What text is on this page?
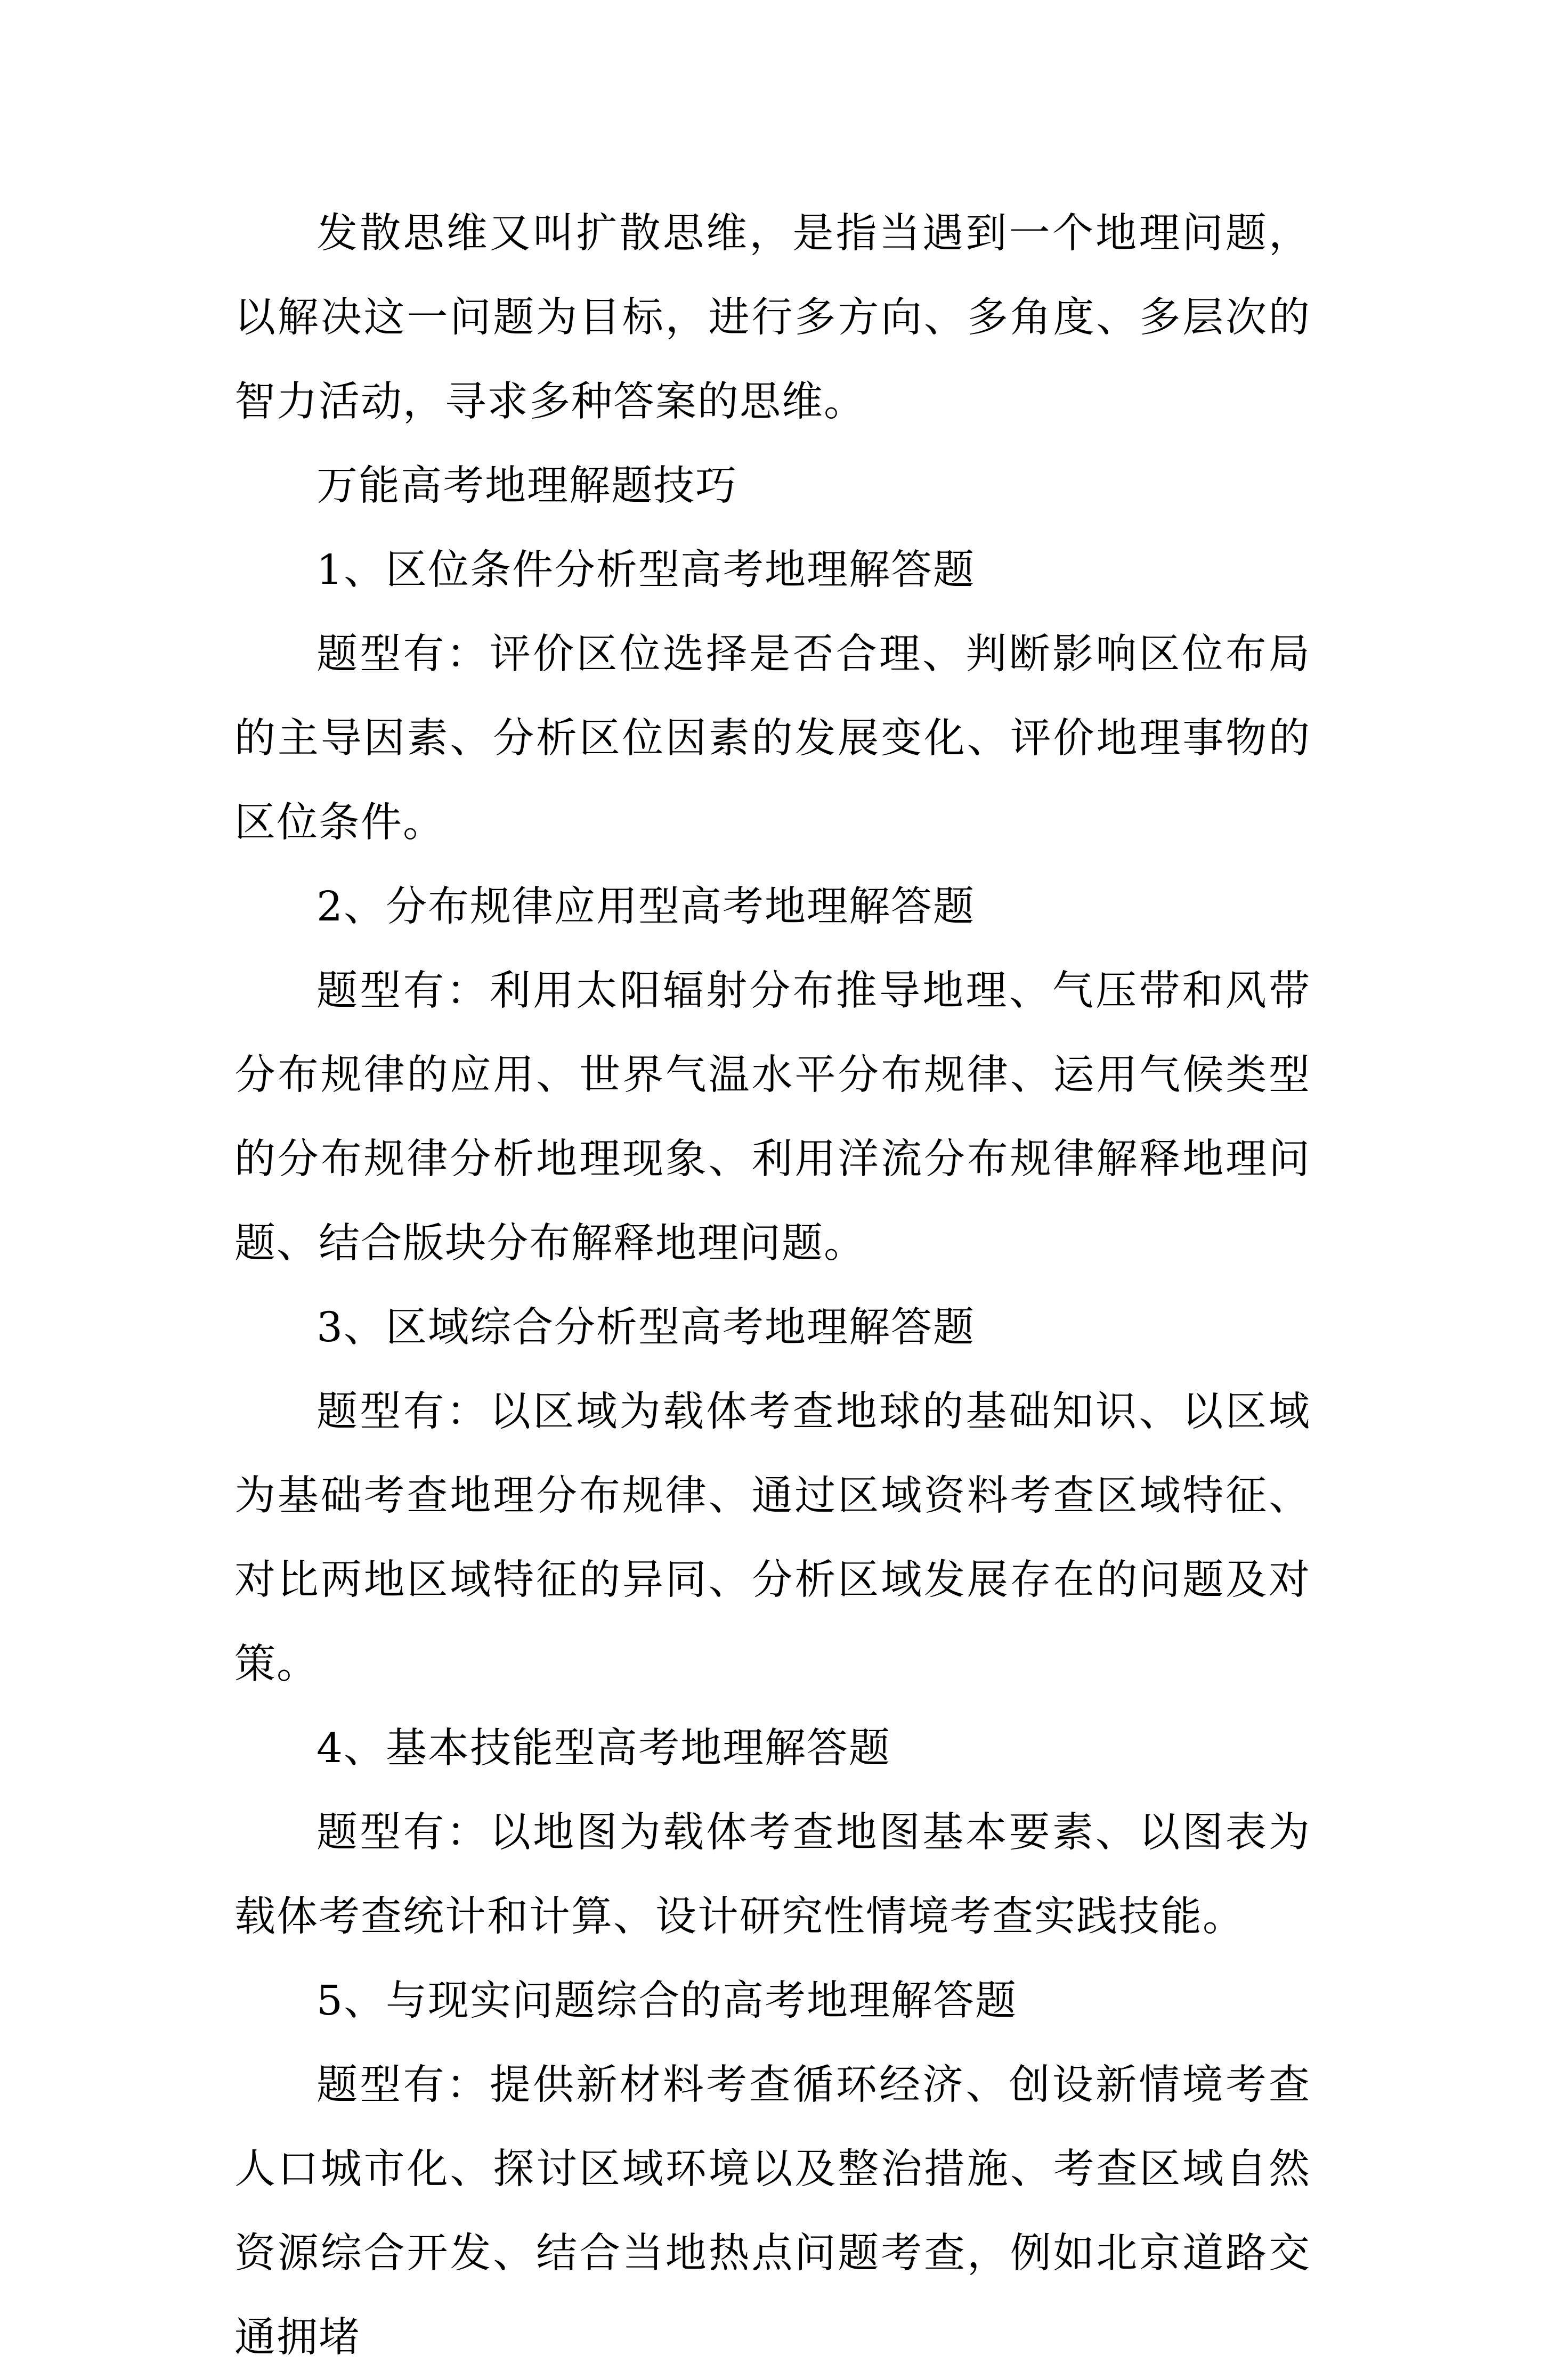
发散思维又叫扩散思维，是指当遇到一个地理问题，以解决这一问题为目标，进行多方向、多角度、多层次的智力活动，寻求多种答案的思维。

万能高考地理解题技巧

1、区位条件分析型高考地理解答题

题型有：评价区位选择是否合理、判断影响区位布局的主导因素、分析区位因素的发展变化、评价地理事物的区位条件。

2、分布规律应用型高考地理解答题

题型有：利用太阳辐射分布推导地理、气压带和风带分布规律的应用、世界气温水平分布规律、运用气候类型的分布规律分析地理现象、利用洋流分布规律解释地理问题、结合版块分布解释地理问题。

3、区域综合分析型高考地理解答题

题型有：以区域为载体考查地球的基础知识、以区域为基础考查地理分布规律、通过区域资料考查区域特征、对比两地区域特征的异同、分析区域发展存在的问题及对策。

4、基本技能型高考地理解答题

题型有：以地图为载体考查地图基本要素、以图表为载体考查统计和计算、设计研究性情境考查实践技能。

5、与现实问题综合的高考地理解答题

题型有：提供新材料考查循环经济、创设新情境考查人口城市化、探讨区域环境以及整治措施、考查区域自然资源综合开发、结合当地热点问题考查，例如北京道路交通拥堵
